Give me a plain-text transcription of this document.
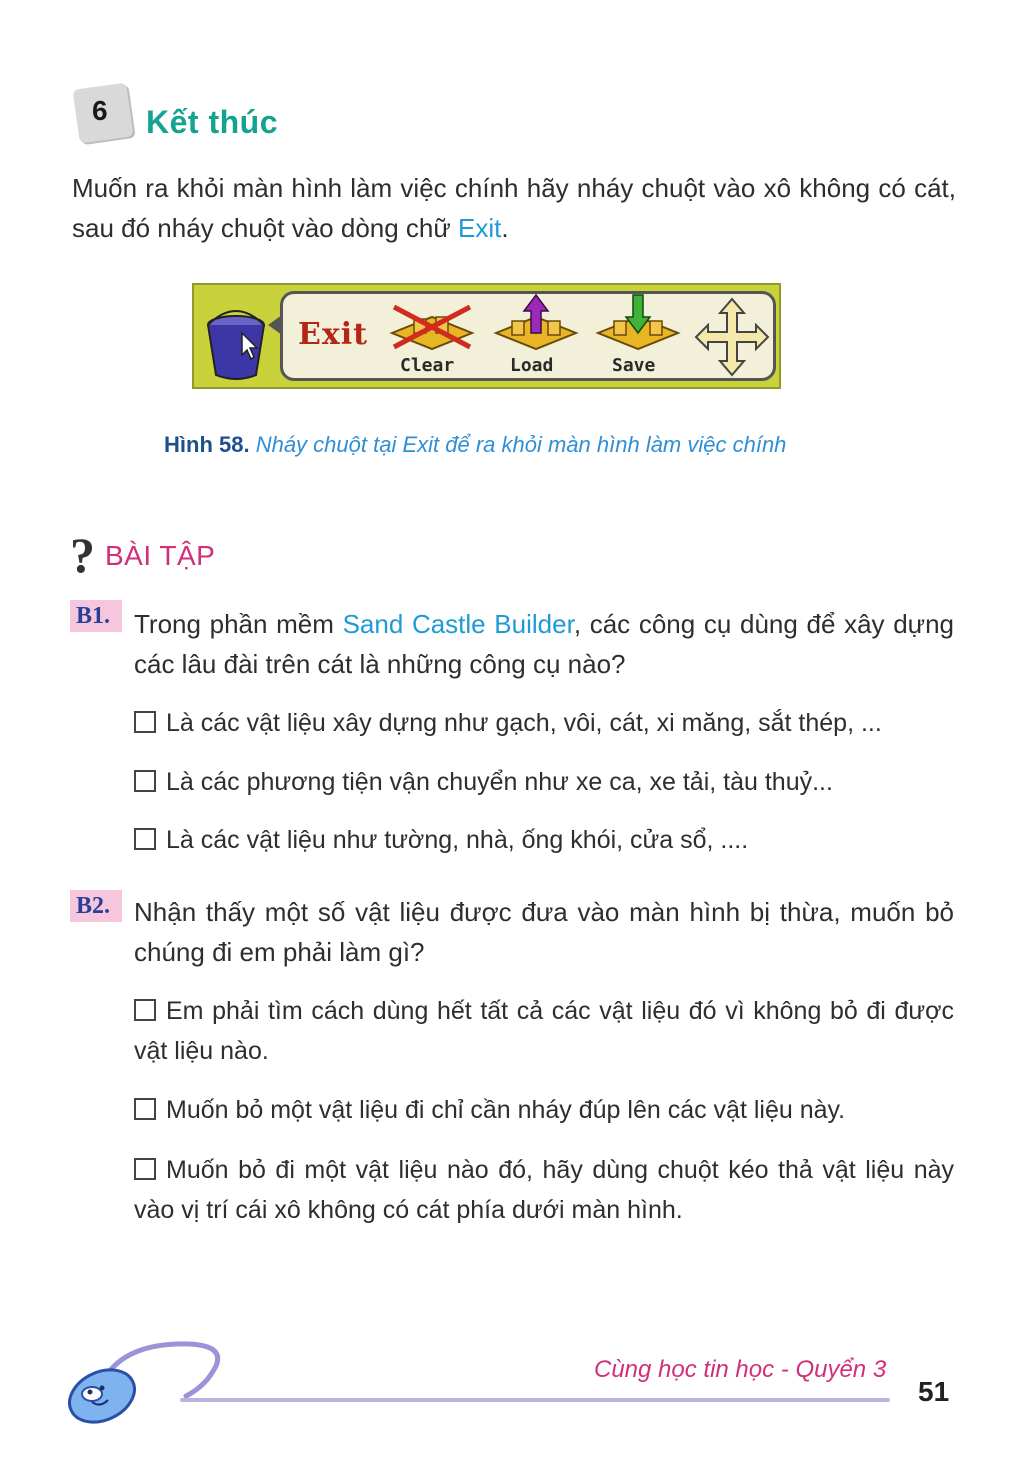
6 Kết thúc
Muốn ra khỏi màn hình làm việc chính hãy nháy chuột vào xô không có cát, sau đó nháy chuột vào dòng chữ Exit.
Exit
Clear	Load	Save
Hình 58. Nháy chuột tại Exit để ra khỏi màn hình làm việc chính
? BÀI TẬP
B1. Trong phần mềm Sand Castle Builder, các công cụ dùng để xây dựng các lâu đài trên cát là những công cụ nào?
Là các vật liệu xây dựng như gạch, vôi, cát, xi măng, sắt thép, ...
Là các phương tiện vận chuyển như xe ca, xe tải, tàu thuỷ...
Là các vật liệu như tường, nhà, ống khói, cửa sổ, ....
B2. Nhận thấy một số vật liệu được đưa vào màn hình bị thừa, muốn bỏ chúng đi em phải làm gì?
Em phải tìm cách dùng hết tất cả các vật liệu đó vì không bỏ đi được vật liệu nào.
Muốn bỏ một vật liệu đi chỉ cần nháy đúp lên các vật liệu này.
Muốn bỏ đi một vật liệu nào đó, hãy dùng chuột kéo thả vật liệu này vào vị trí cái xô không có cát phía dưới màn hình.
Cùng học tin học - Quyển 3
51
